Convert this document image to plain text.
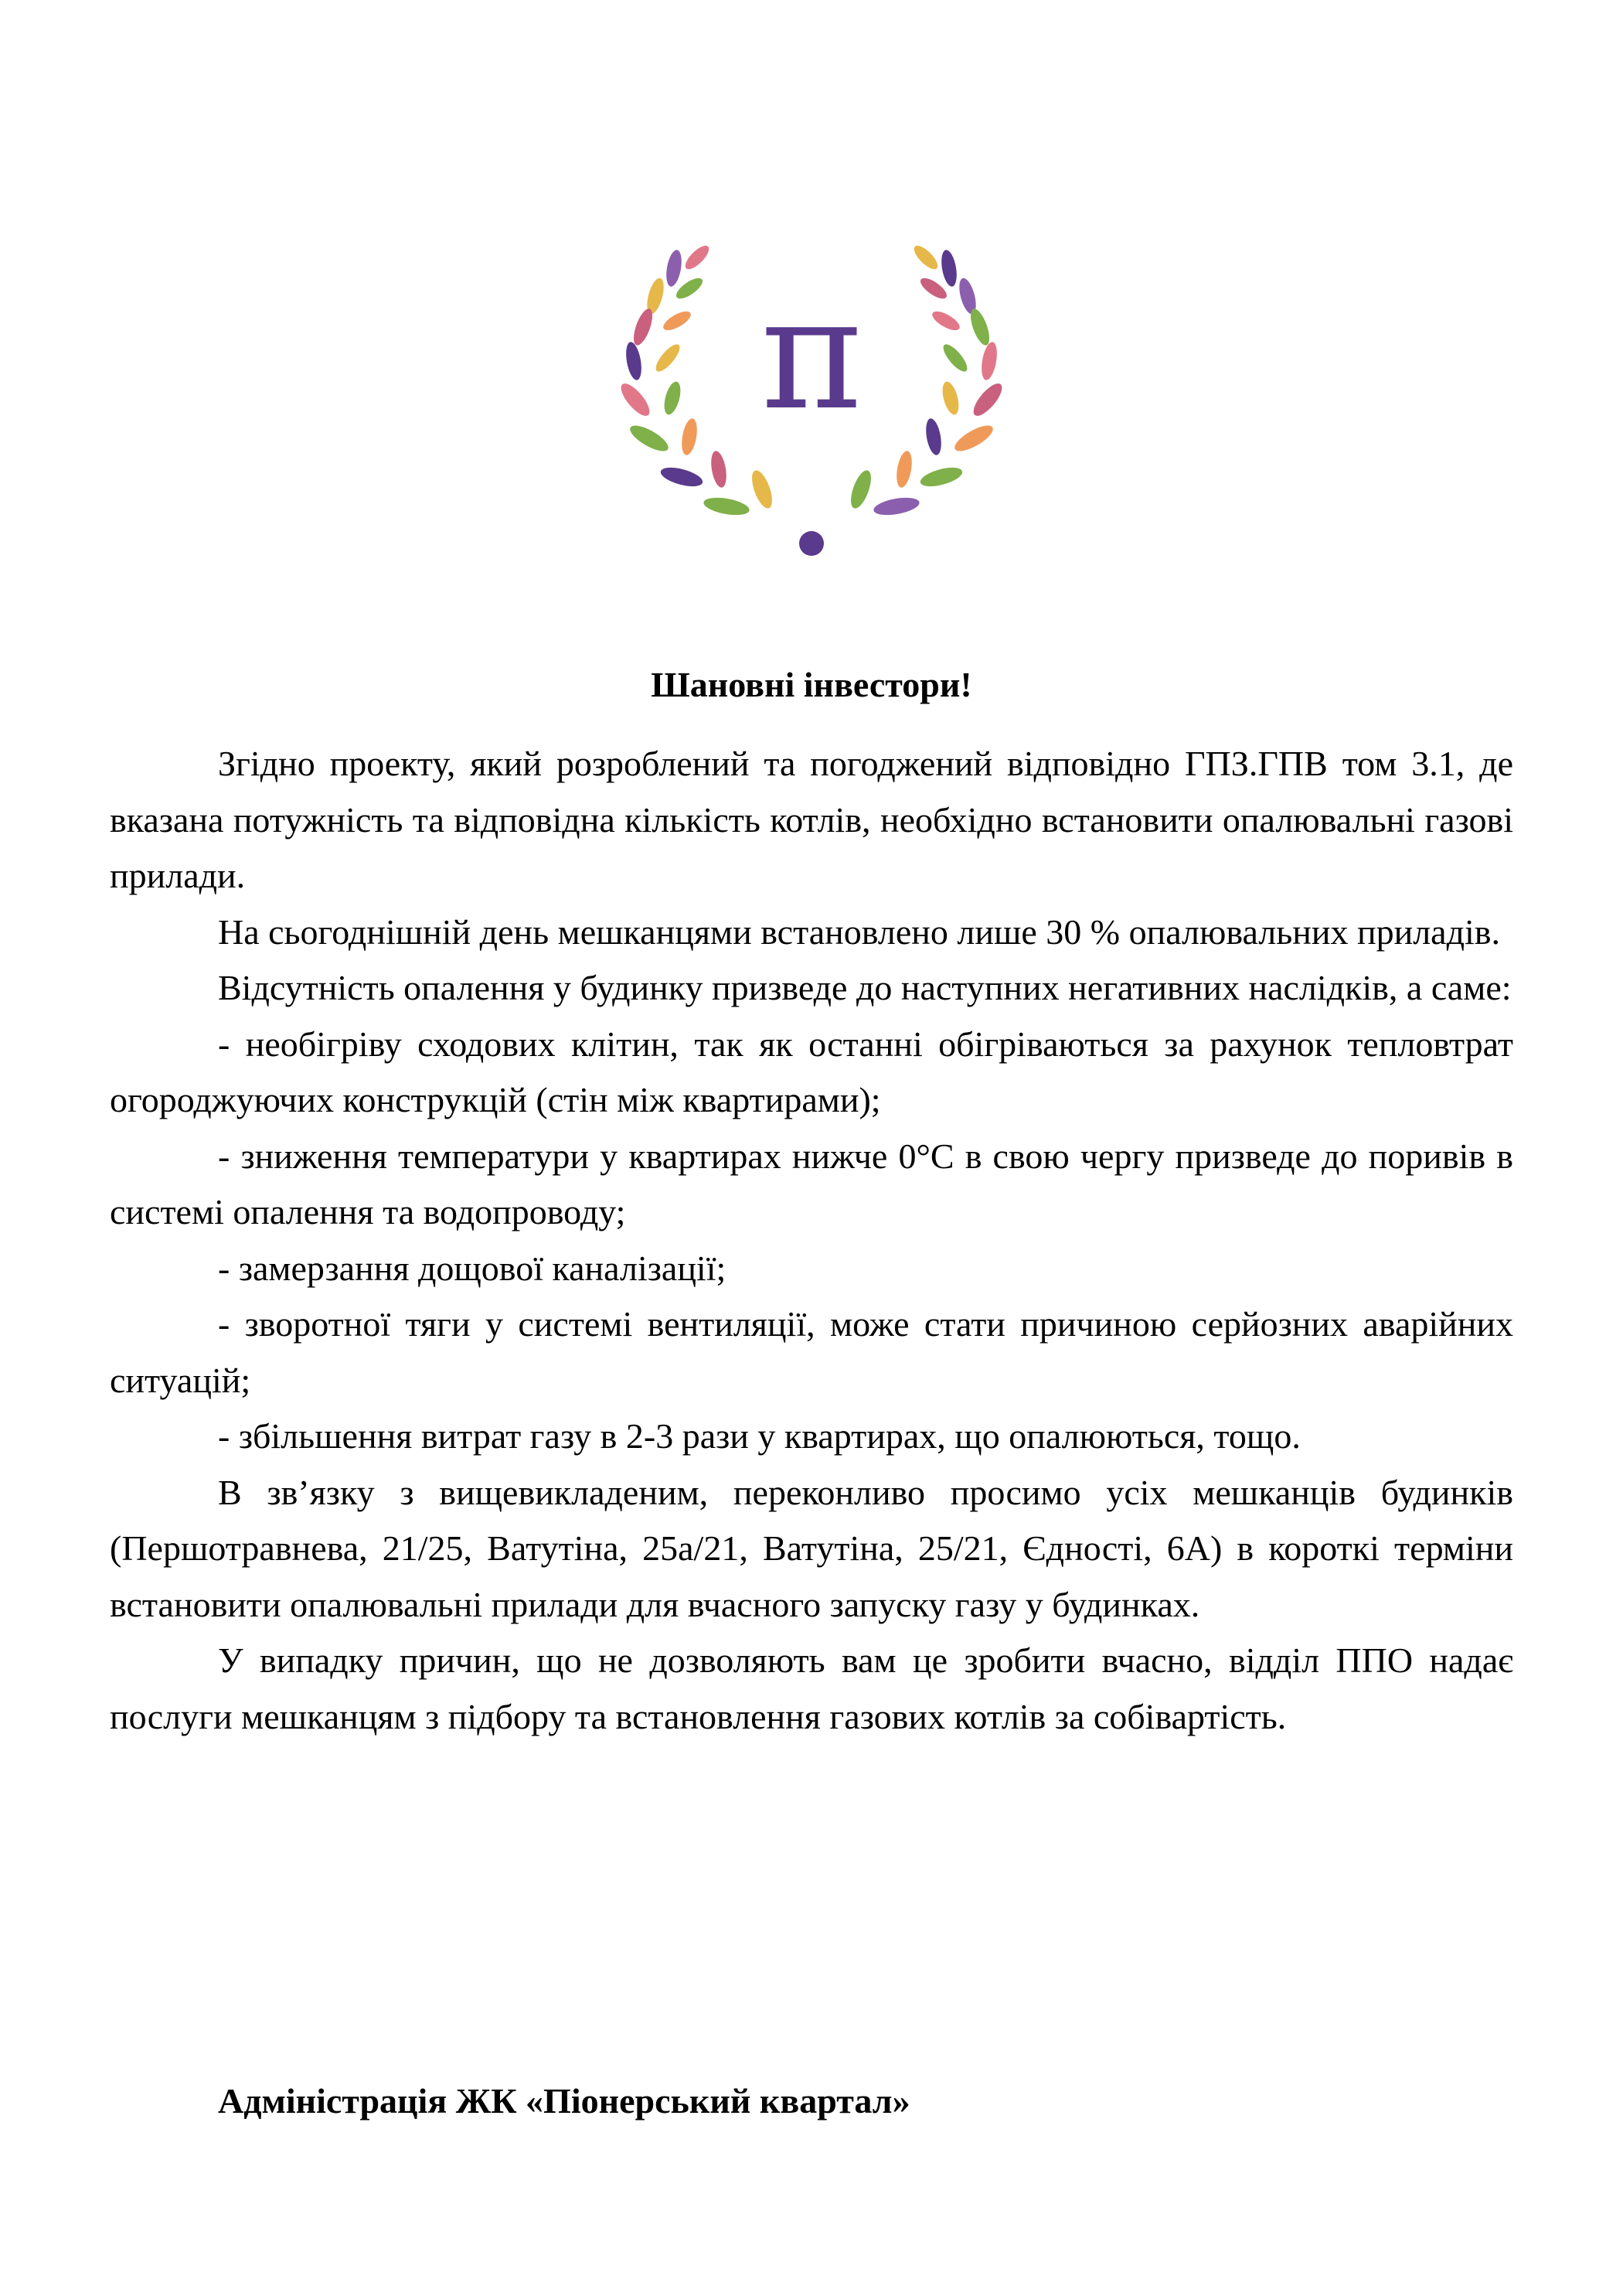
π
Шановні інвестори!

Згідно проекту, який розроблений та погоджений відповідно ГПЗ.ГПВ том 3.1, де вказана потужність та відповідна кількість котлів, необхідно встановити опалювальні газові прилади.

На сьогоднішній день мешканцями встановлено лише 30 % опалювальних приладів.

Відсутність опалення у будинку призведе до наступних негативних наслідків, а саме:

- необігріву сходових клітин, так як останні обігріваються за рахунок тепловтрат огороджуючих конструкцій (стін між квартирами);

- зниження температури у квартирах нижче 0°С в свою чергу призведе до поривів в системі опалення та водопроводу;

- замерзання дощової каналізації;

- зворотної тяги у системі вентиляції, може стати причиною серйозних аварійних ситуацій;

- збільшення витрат газу в 2-3 рази у квартирах, що опалюються, тощо.

В зв’язку з вищевикладеним, переконливо просимо усіх мешканців будинків (Першотравнева, 21/25, Ватутіна, 25а/21, Ватутіна, 25/21, Єдності, 6А) в короткі терміни встановити опалювальні прилади для вчасного запуску газу у будинках.

У випадку причин, що не дозволяють вам це зробити вчасно, відділ ППО надає послуги мешканцям з підбору та встановлення газових котлів за собівартість.

Адміністрація ЖК «Піонерський квартал»
